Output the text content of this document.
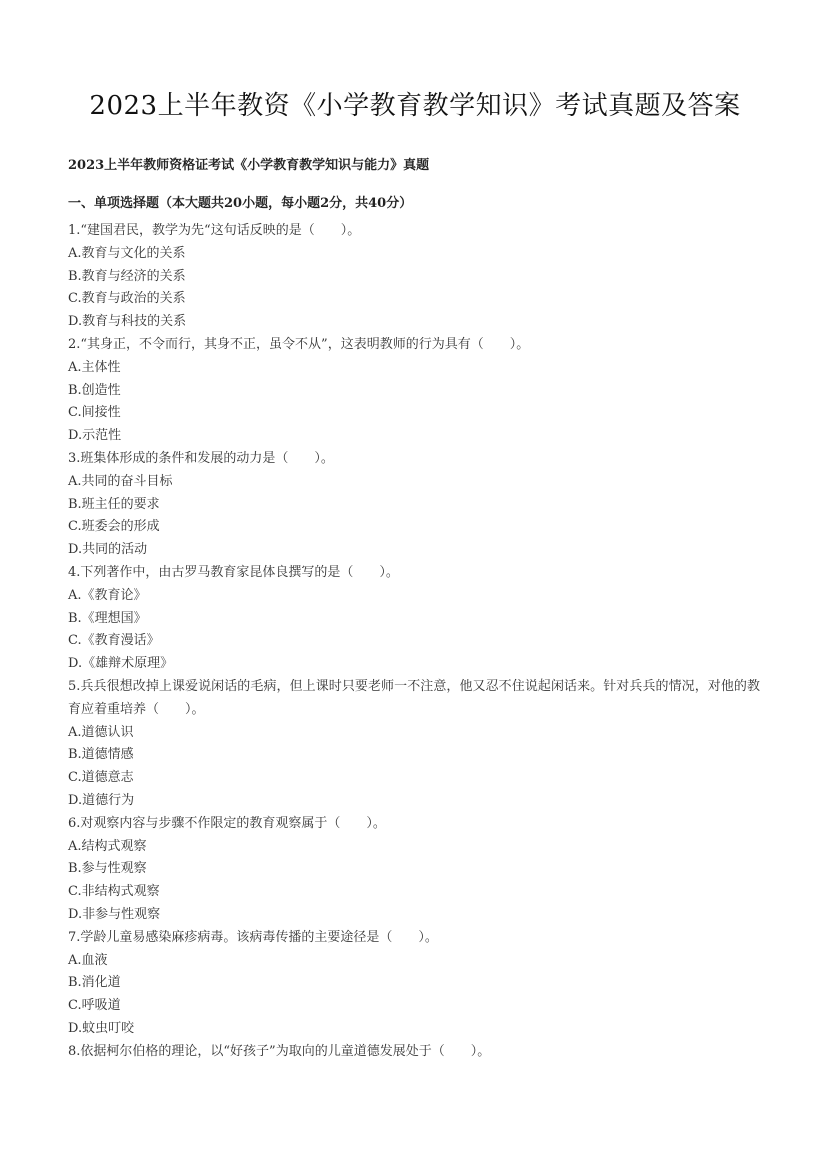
2023上半年教资《小学教育教学知识》考试真题及答案
2023上半年教师资格证考试《小学教育教学知识与能力》真题
一、单项选择题（本大题共20小题，每小题2分，共40分）

1.“建国君民，教学为先“这句话反映的是（　　）。

A.教育与文化的关系

B.教育与经济的关系

C.教育与政治的关系

D.教育与科技的关系

2.“其身正，不令而行，其身不正，虽令不从”，这表明教师的行为具有（　　）。

A.主体性

B.创造性

C.间接性

D.示范性

3.班集体形成的条件和发展的动力是（　　）。

A.共同的奋斗目标

B.班主任的要求

C.班委会的形成

D.共同的活动

4.下列著作中，由古罗马教育家昆体良撰写的是（　　）。

A.《教育论》

B.《理想国》

C.《教育漫话》

D.《雄辩术原理》

5.兵兵很想改掉上课爱说闲话的毛病，但上课时只要老师一不注意，他又忍不住说起闲话来。针对兵兵的情况，对他的教育应着重培养（　　）。

A.道德认识

B.道德情感

C.道德意志

D.道德行为

6.对观察内容与步骤不作限定的教育观察属于（　　）。

A.结构式观察

B.参与性观察

C.非结构式观察

D.非参与性观察

7.学龄儿童易感染麻疹病毒。该病毒传播的主要途径是（　　）。

A.血液

B.消化道

C.呼吸道

D.蚊虫叮咬

8.依据柯尔伯格的理论，以“好孩子”为取向的儿童道德发展处于（　　）。
